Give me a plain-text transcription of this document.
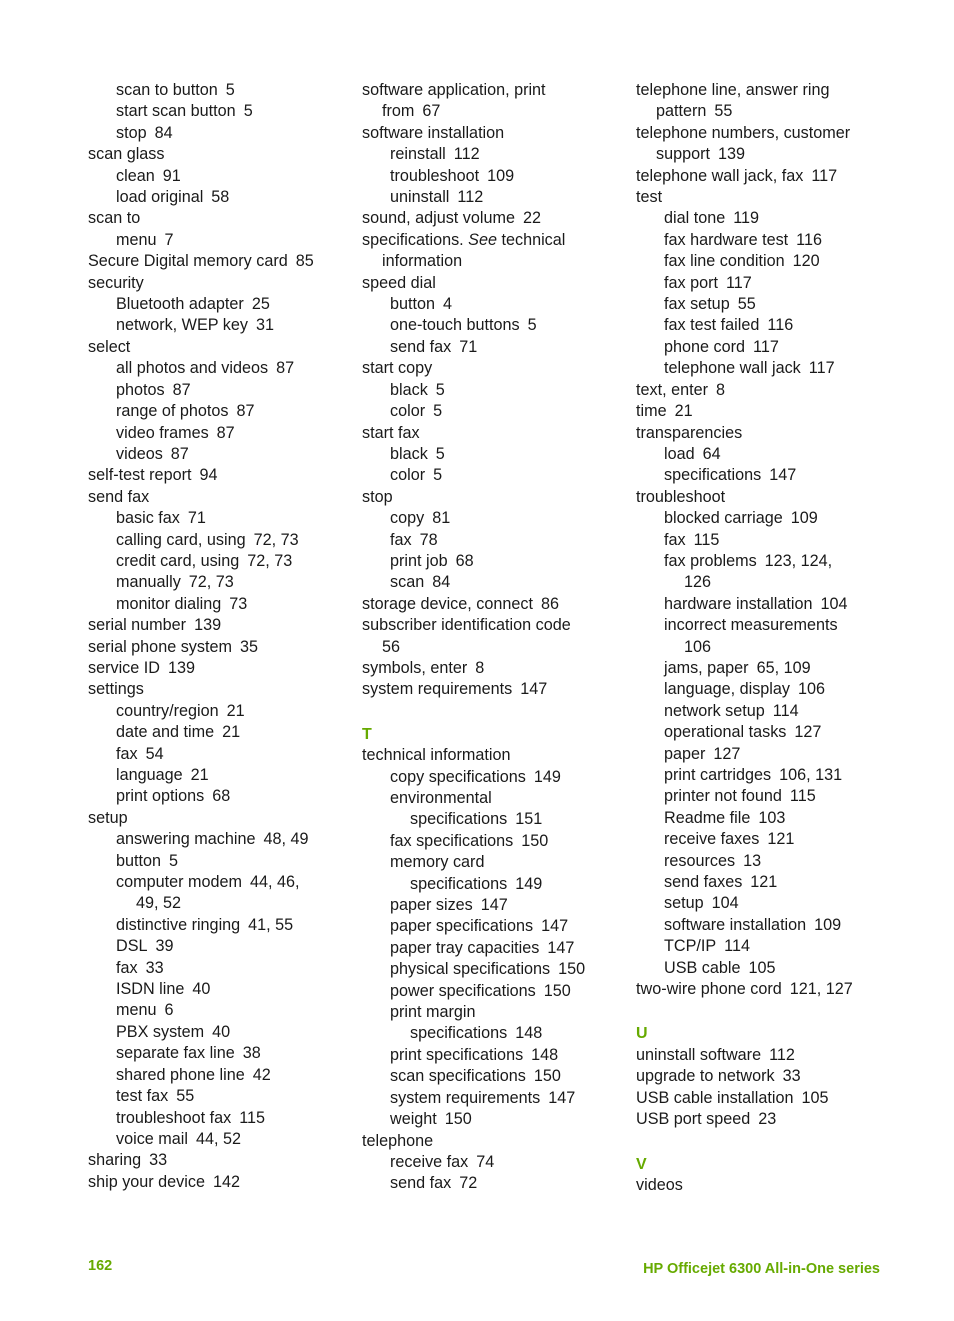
scan to button 5
start scan button 5
stop 84
scan glass
clean 91
load original 58
scan to
menu 7
Secure Digital memory card 85
security
Bluetooth adapter 25
network, WEP key 31
select
all photos and videos 87
photos 87
range of photos 87
video frames 87
videos 87
self-test report 94
send fax
basic fax 71
calling card, using 72, 73
credit card, using 72, 73
manually 72, 73
monitor dialing 73
serial number 139
serial phone system 35
service ID 139
settings
country/region 21
date and time 21
fax 54
language 21
print options 68
setup
answering machine 48, 49
button 5
computer modem 44, 46,
49, 52
distinctive ringing 41, 55
DSL 39
fax 33
ISDN line 40
menu 6
PBX system 40
separate fax line 38
shared phone line 42
test fax 55
troubleshoot fax 115
voice mail 44, 52
sharing 33
ship your device 142
software application, print
from 67
software installation
reinstall 112
troubleshoot 109
uninstall 112
sound, adjust volume 22
specifications. See technical
information
speed dial
button 4
one-touch buttons 5
send fax 71
start copy
black 5
color 5
start fax
black 5
color 5
stop
copy 81
fax 78
print job 68
scan 84
storage device, connect 86
subscriber identification code
56
symbols, enter 8
system requirements 147
T
technical information
copy specifications 149
environmental
specifications 151
fax specifications 150
memory card
specifications 149
paper sizes 147
paper specifications 147
paper tray capacities 147
physical specifications 150
power specifications 150
print margin
specifications 148
print specifications 148
scan specifications 150
system requirements 147
weight 150
telephone
receive fax 74
send fax 72
telephone line, answer ring
pattern 55
telephone numbers, customer
support 139
telephone wall jack, fax 117
test
dial tone 119
fax hardware test 116
fax line condition 120
fax port 117
fax setup 55
fax test failed 116
phone cord 117
telephone wall jack 117
text, enter 8
time 21
transparencies
load 64
specifications 147
troubleshoot
blocked carriage 109
fax 115
fax problems 123, 124,
126
hardware installation 104
incorrect measurements
106
jams, paper 65, 109
language, display 106
network setup 114
operational tasks 127
paper 127
print cartridges 106, 131
printer not found 115
Readme file 103
receive faxes 121
resources 13
send faxes 121
setup 104
software installation 109
TCP/IP 114
USB cable 105
two-wire phone cord 121, 127
U
uninstall software 112
upgrade to network 33
USB cable installation 105
USB port speed 23
V
videos
162	HP Officejet 6300 All-in-One series
